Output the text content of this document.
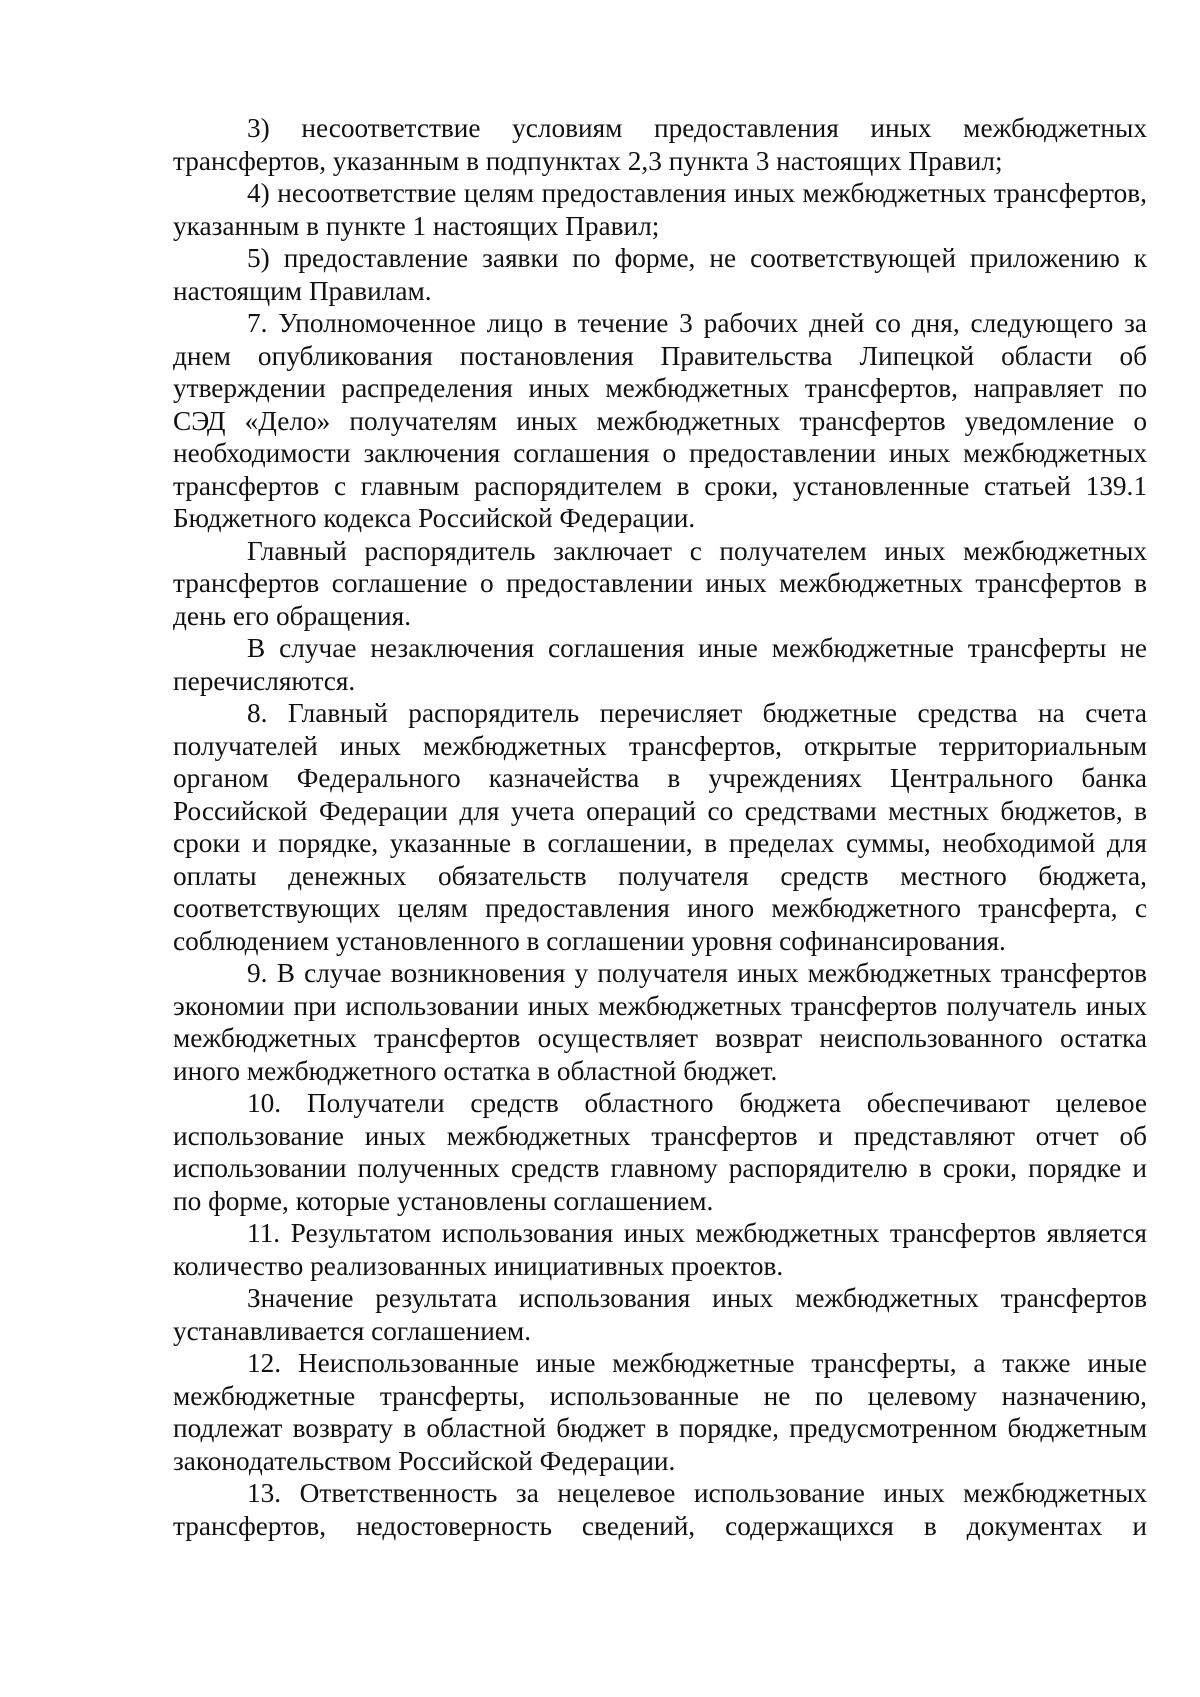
3) несоответствие условиям предоставления иных межбюджетных трансфертов, указанным в подпунктах 2,3 пункта 3 настоящих Правил;

4) несоответствие целям предоставления иных межбюджетных трансфертов, указанным в пункте 1 настоящих Правил;

5) предоставление заявки по форме, не соответствующей приложению к настоящим Правилам.

7. Уполномоченное лицо в течение 3 рабочих дней со дня, следующего за днем опубликования постановления Правительства Липецкой области об утверждении распределения иных межбюджетных трансфертов, направляет по СЭД «Дело» получателям иных межбюджетных трансфертов уведомление о необходимости заключения соглашения о предоставлении иных межбюджетных трансфертов с главным распорядителем в сроки, установленные статьей 139.1 Бюджетного кодекса Российской Федерации.

Главный распорядитель заключает с получателем иных межбюджетных трансфертов соглашение о предоставлении иных межбюджетных трансфертов в день его обращения.

В случае незаключения соглашения иные межбюджетные трансферты не перечисляются.

8. Главный распорядитель перечисляет бюджетные средства на счета получателей иных межбюджетных трансфертов, открытые территориальным органом Федерального казначейства в учреждениях Центрального банка Российской Федерации для учета операций со средствами местных бюджетов, в сроки и порядке, указанные в соглашении, в пределах суммы, необходимой для оплаты денежных обязательств получателя средств местного бюджета, соответствующих целям предоставления иного межбюджетного трансферта, с соблюдением установленного в соглашении уровня софинансирования.

9. В случае возникновения у получателя иных межбюджетных трансфертов экономии при использовании иных межбюджетных трансфертов получатель иных межбюджетных трансфертов осуществляет возврат неиспользованного остатка иного межбюджетного остатка в областной бюджет.

10. Получатели средств областного бюджета обеспечивают целевое использование иных межбюджетных трансфертов и представляют отчет об использовании полученных средств главному распорядителю в сроки, порядке и по форме, которые установлены соглашением.

11. Результатом использования иных межбюджетных трансфертов является количество реализованных инициативных проектов.

Значение результата использования иных межбюджетных трансфертов устанавливается соглашением.

12. Неиспользованные иные межбюджетные трансферты, а также иные межбюджетные трансферты, использованные не по целевому назначению, подлежат возврату в областной бюджет в порядке, предусмотренном бюджетным законодательством Российской Федерации.

13. Ответственность за нецелевое использование иных межбюджетных трансфертов, недостоверность сведений, содержащихся в документах и
